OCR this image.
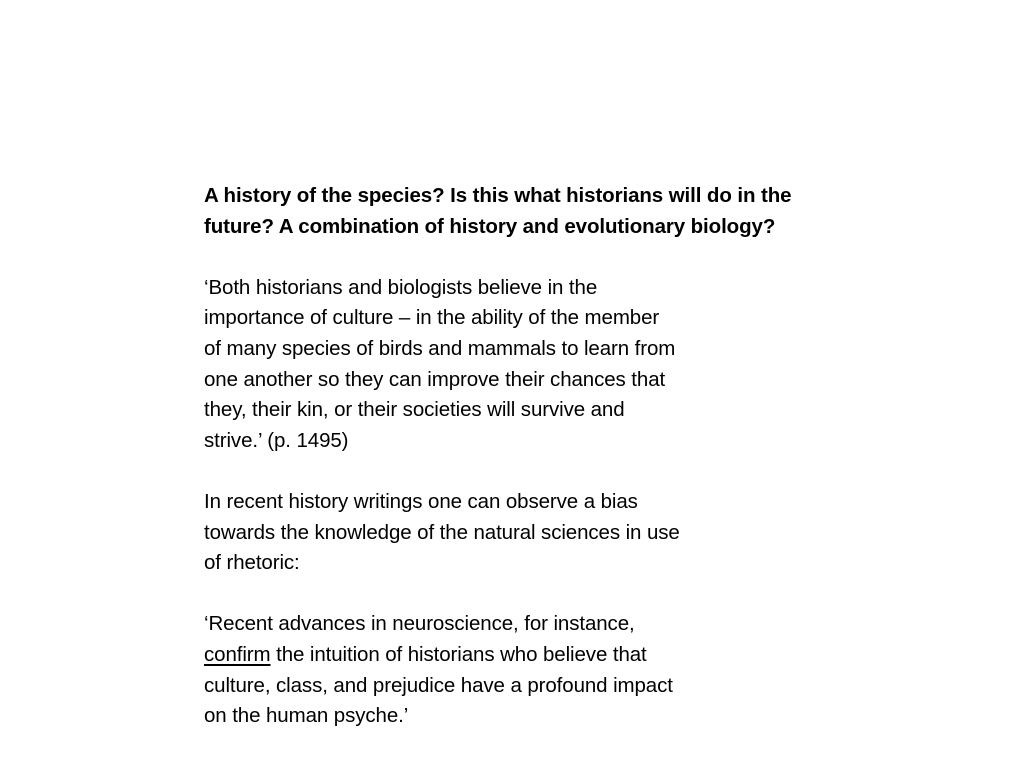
A history of the species? Is this what historians will do in the
future? A combination of history and evolutionary biology?
‘Both historians and biologists believe in the
importance of culture – in the ability of the member
of many species of birds and mammals to learn from
one another so they can improve their chances that
they, their kin, or their societies will survive and
strive.’ (p. 1495)
In recent history writings one can observe a bias
towards the knowledge of the natural sciences in use
of rhetoric:
‘Recent advances in neuroscience, for instance,
confirm the intuition of historians who believe that
culture, class, and prejudice have a profound impact
on the human psyche.’
